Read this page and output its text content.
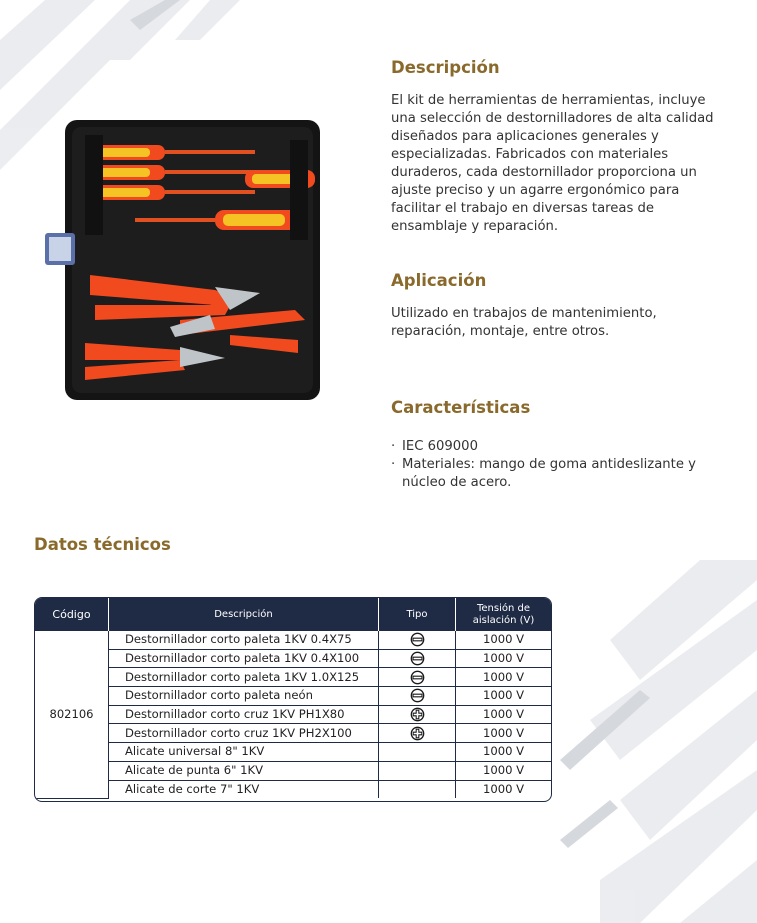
Descripción
El kit de herramientas de herramientas, incluye
una selección de destornilladores de alta calidad
diseñados para aplicaciones generales y
especializadas. Fabricados con materiales
duraderos, cada destornillador proporciona un
ajuste preciso y un agarre ergonómico para
facilitar el trabajo en diversas tareas de
ensamblaje y reparación.
Aplicación
Utilizado en trabajos de mantenimiento,
reparación, montaje, entre otros.
Características
· IEC 609000
· Materiales: mango de goma antideslizante y
núcleo de acero.
Datos técnicos
Código	Descripción	Tipo	Tensión de
aislación (V)

802106	Destornillador corto paleta 1KV 0.4X75		1000 V
	Destornillador corto paleta 1KV 0.4X100		1000 V
	Destornillador corto paleta 1KV 1.0X125		1000 V
	Destornillador corto paleta neón		1000 V
	Destornillador corto cruz 1KV PH1X80		1000 V
	Destornillador corto cruz 1KV PH2X100		1000 V
	Alicate universal 8" 1KV		1000 V
	Alicate de punta 6" 1KV		1000 V
	Alicate de corte 7" 1KV		1000 V
